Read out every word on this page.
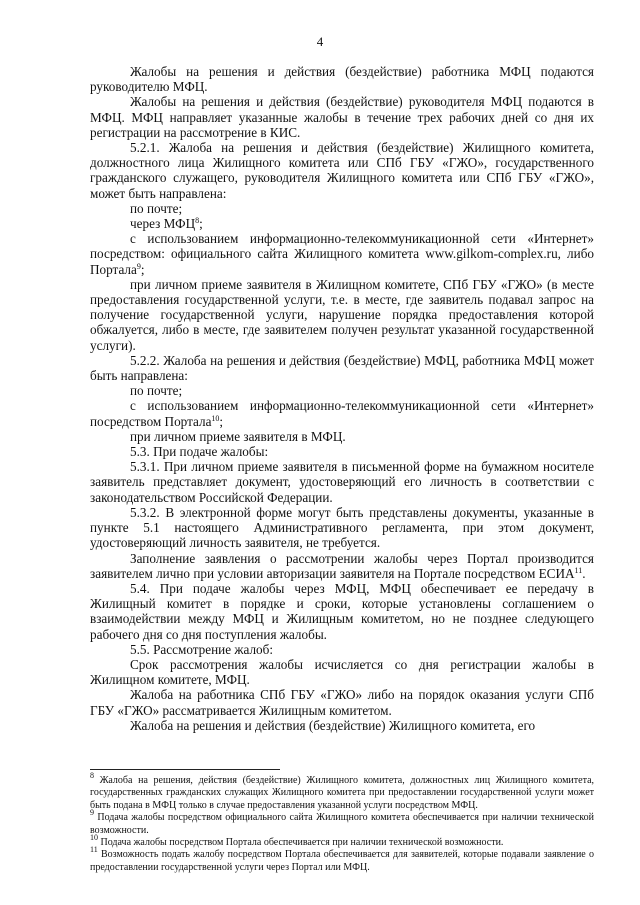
4

Жалобы на решения и действия (бездействие) работника МФЦ подаются руководителю МФЦ.

Жалобы на решения и действия (бездействие) руководителя МФЦ подаются в МФЦ. МФЦ направляет указанные жалобы в течение трех рабочих дней со дня их регистрации на рассмотрение в КИС.

5.2.1. Жалоба на решения и действия (бездействие) Жилищного комитета, должностного лица Жилищного комитета или СПб ГБУ «ГЖО», государственного гражданского служащего, руководителя Жилищного комитета или СПб ГБУ «ГЖО», может быть направлена:

по почте;

через МФЦ$^8$;

с использованием информационно-телекоммуникационной сети «Интернет» посредством: официального сайта Жилищного комитета www.gilkom-complex.ru, либо Портала$^9$;

при личном приеме заявителя в Жилищном комитете, СПб ГБУ «ГЖО» (в месте предоставления государственной услуги, т.е. в месте, где заявитель подавал запрос на получение государственной услуги, нарушение порядка предоставления которой обжалуется, либо в месте, где заявителем получен результат указанной государственной услуги).

5.2.2. Жалоба на решения и действия (бездействие) МФЦ, работника МФЦ может быть направлена:

по почте;

с использованием информационно-телекоммуникационной сети «Интернет» посредством Портала$^{10}$;

при личном приеме заявителя в МФЦ.

5.3. При подаче жалобы:

5.3.1. При личном приеме заявителя в письменной форме на бумажном носителе заявитель представляет документ, удостоверяющий его личность в соответствии с законодательством Российской Федерации.

5.3.2. В электронной форме могут быть представлены документы, указанные в пункте 5.1 настоящего Административного регламента, при этом документ, удостоверяющий личность заявителя, не требуется.

Заполнение заявления о рассмотрении жалобы через Портал производится заявителем лично при условии авторизации заявителя на Портале посредством ЕСИА$^{11}$.

5.4. При подаче жалобы через МФЦ, МФЦ обеспечивает ее передачу в Жилищный комитет в порядке и сроки, которые установлены соглашением о взаимодействии между МФЦ и Жилищным комитетом, но не позднее следующего рабочего дня со дня поступления жалобы.

5.5. Рассмотрение жалоб:

Срок рассмотрения жалобы исчисляется со дня регистрации жалобы в Жилищном комитете, МФЦ.

Жалоба на работника СПб ГБУ «ГЖО» либо на порядок оказания услуги СПб ГБУ «ГЖО» рассматривается Жилищным комитетом.

Жалоба на решения и действия (бездействие) Жилищного комитета, его

$^8$ Жалоба на решения, действия (бездействие) Жилищного комитета, должностных лиц Жилищного комитета, государственных гражданских служащих Жилищного комитета при предоставлении государственной услуги может быть подана в МФЦ только в случае предоставления указанной услуги посредством МФЦ.

$^9$ Подача жалобы посредством официального сайта Жилищного комитета обеспечивается при наличии технической возможности.

$^{10}$ Подача жалобы посредством Портала обеспечивается при наличии технической возможности.

$^{11}$ Возможность подать жалобу посредством Портала обеспечивается для заявителей, которые подавали заявление о предоставлении государственной услуги через Портал или МФЦ.
